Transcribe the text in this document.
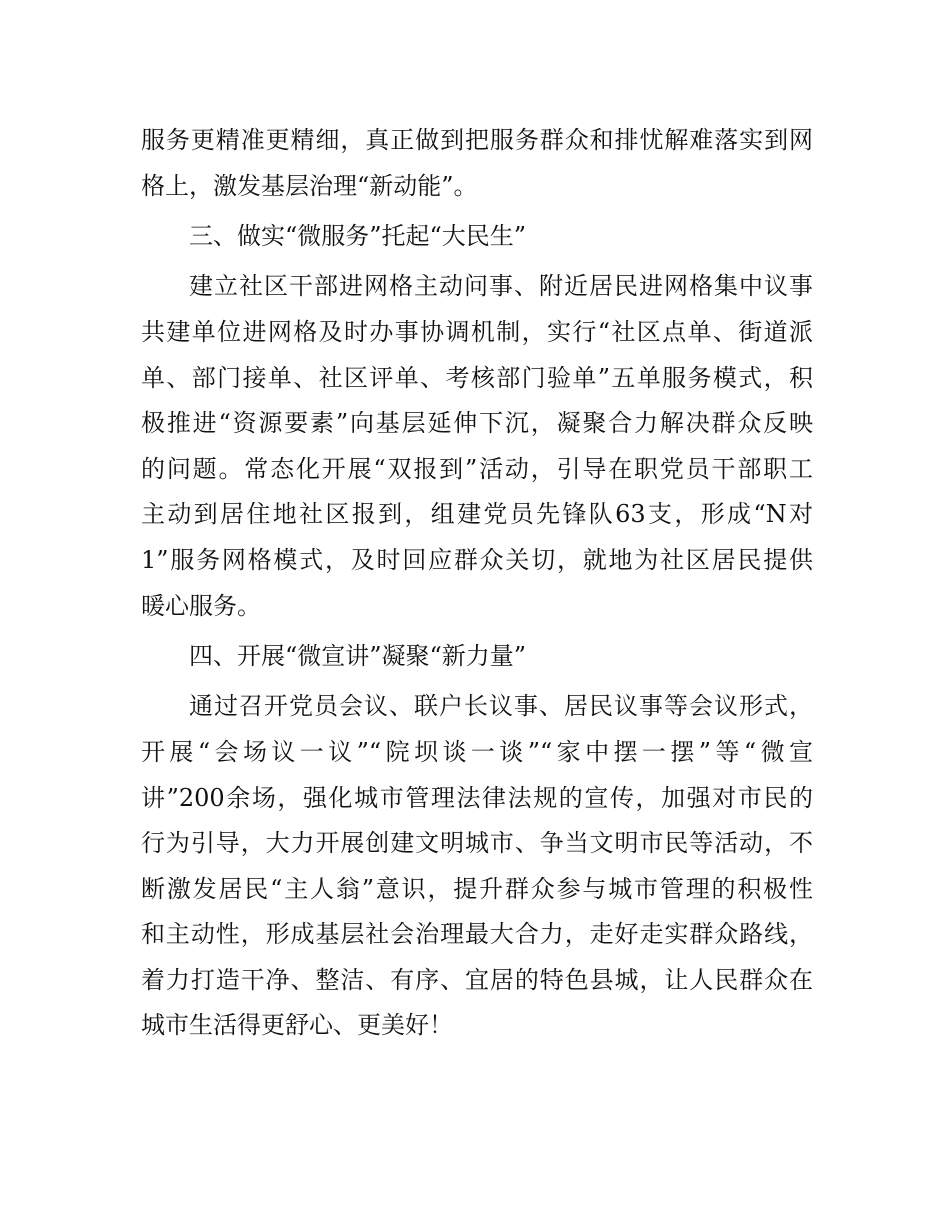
服务更精准更精细，真正做到把服务群众和排忧解难落实到网
格上，激发基层治理“新动能”。
三、做实“微服务”托起“大民生”
建立社区干部进网格主动问事、附近居民进网格集中议事
共建单位进网格及时办事协调机制，实行“社区点单、街道派
单、部门接单、社区评单、考核部门验单”五单服务模式，积
极推进“资源要素”向基层延伸下沉，凝聚合力解决群众反映
的问题。常态化开展“双报到”活动，引导在职党员干部职工
主动到居住地社区报到，组建党员先锋队63支，形成“N对
1”服务网格模式，及时回应群众关切，就地为社区居民提供
暖心服务。
四、开展“微宣讲”凝聚“新力量”
通过召开党员会议、联户长议事、居民议事等会议形式，
开展“会场议一议”“院坝谈一谈”“家中摆一摆”等“微宣
讲”200余场，强化城市管理法律法规的宣传，加强对市民的
行为引导，大力开展创建文明城市、争当文明市民等活动，不
断激发居民“主人翁”意识，提升群众参与城市管理的积极性
和主动性，形成基层社会治理最大合力，走好走实群众路线，
着力打造干净、整洁、有序、宜居的特色县城，让人民群众在
城市生活得更舒心、更美好！
